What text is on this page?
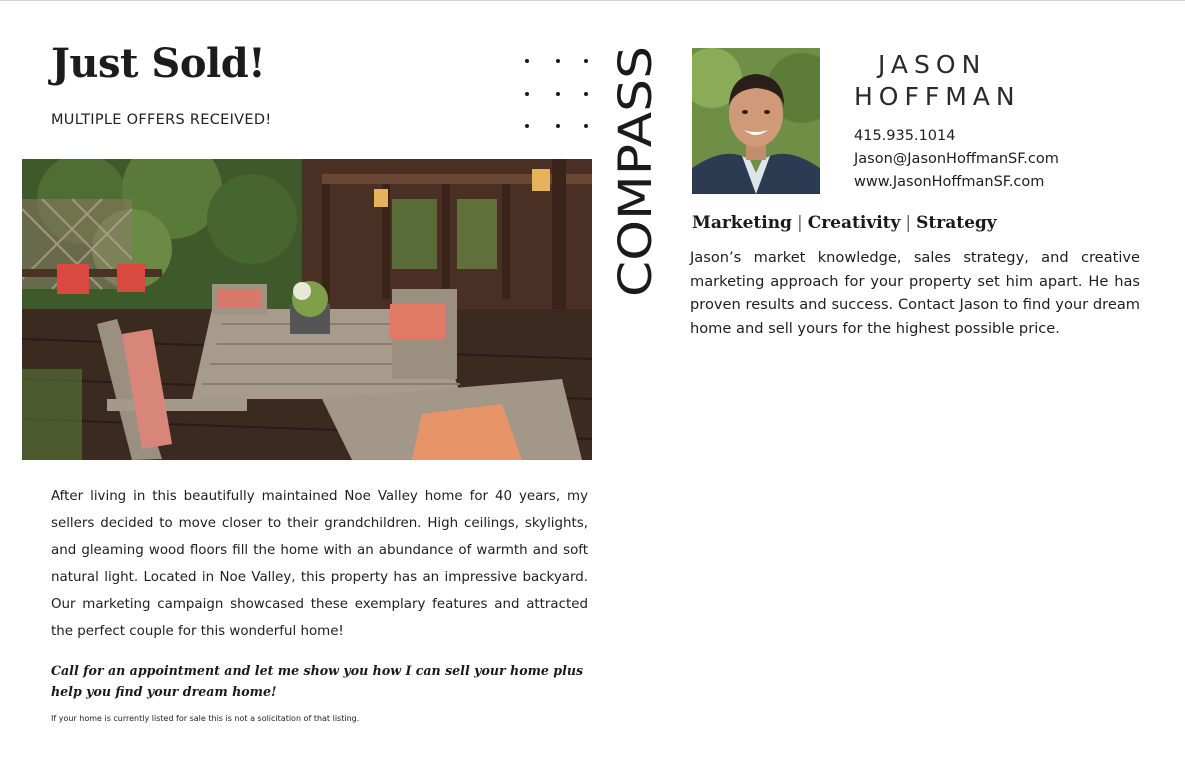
Just Sold!
MULTIPLE OFFERS RECEIVED!

After living in this beautifully maintained Noe Valley home for 40 years, my sellers decided to move closer to their grandchildren. High ceilings, skylights, and gleaming wood floors fill the home with an abundance of warmth and soft natural light. Located in Noe Valley, this property has an impressive backyard. Our marketing campaign showcased these exemplary features and attracted the perfect couple for this wonderful home!

Call for an appointment and let me show you how I can sell your home plus help you find your dream home!

If your home is currently listed for sale this is not a solicitation of that listing.

COMPASS
JASON
HOFFMAN
415.935.1014
Jason@JasonHoffmanSF.com
www.JasonHoffmanSF.com
Marketing | Creativity | Strategy

Jason’s market knowledge, sales strategy, and creative marketing approach for your property set him apart. He has proven results and success. Contact Jason to find your dream home and sell yours for the highest possible price.
